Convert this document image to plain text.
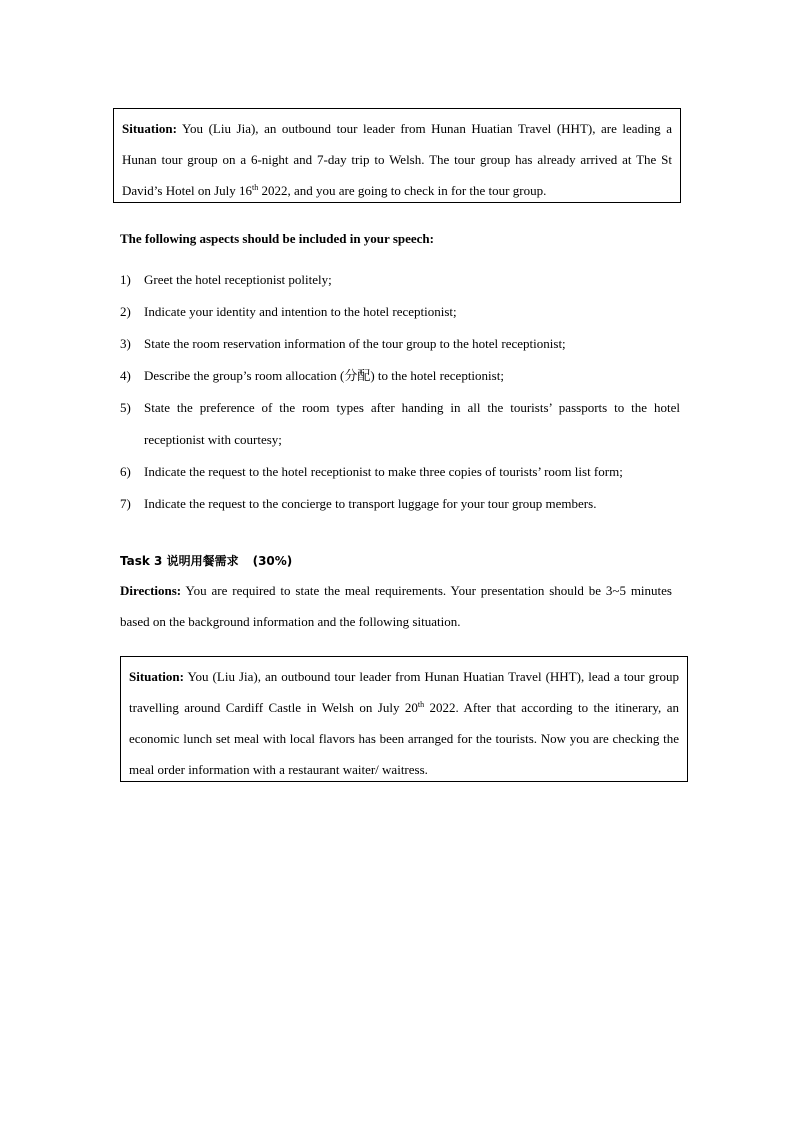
Situation: You (Liu Jia), an outbound tour leader from Hunan Huatian Travel (HHT), are leading a Hunan tour group on a 6-night and 7-day trip to Welsh. The tour group has already arrived at The St David’s Hotel on July 16th 2022, and you are going to check in for the tour group.

The following aspects should be included in your speech:
1) Greet the hotel receptionist politely;
2) Indicate your identity and intention to the hotel receptionist;
3) State the room reservation information of the tour group to the hotel receptionist;
4) Describe the group’s room allocation (分配) to the hotel receptionist;
5) State the preference of the room types after handing in all the tourists’ passports to the hotel receptionist with courtesy;
6) Indicate the request to the hotel receptionist to make three copies of tourists’ room list form;
7) Indicate the request to the concierge to transport luggage for your tour group members.
Task 3 说明用餐需求 (30%)

Directions: You are required to state the meal requirements. Your presentation should be 3~5 minutes based on the background information and the following situation.

Situation: You (Liu Jia), an outbound tour leader from Hunan Huatian Travel (HHT), lead a tour group travelling around Cardiff Castle in Welsh on July 20th 2022. After that according to the itinerary, an economic lunch set meal with local flavors has been arranged for the tourists. Now you are checking the meal order information with a restaurant waiter/ waitress.
